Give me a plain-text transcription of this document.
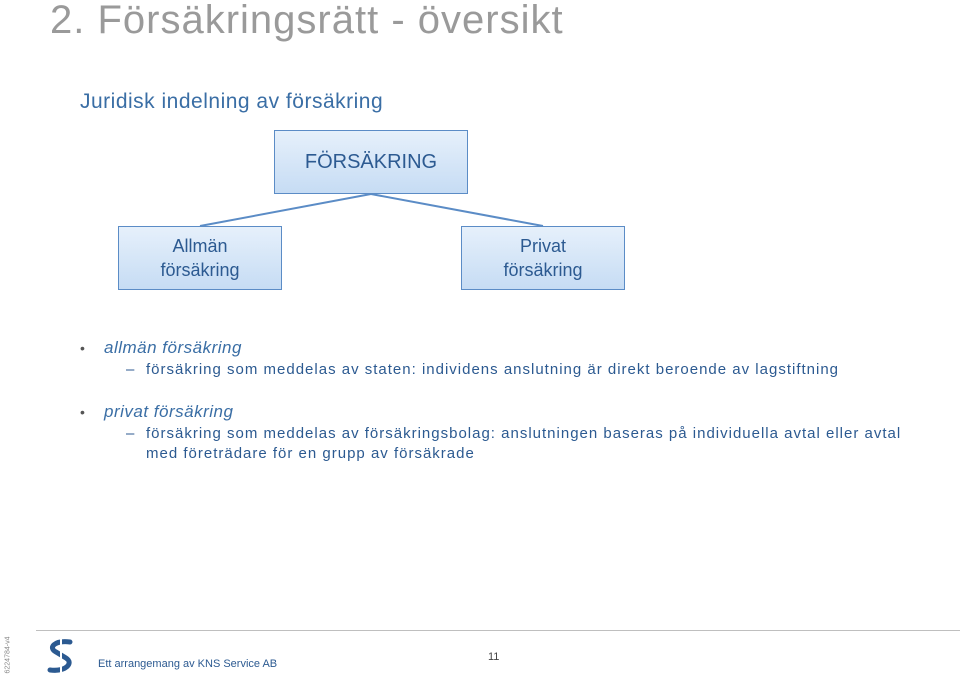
2. Försäkringsrätt - översikt
Juridisk indelning av försäkring
FÖRSÄKRING
Allmän
försäkring
Privat
försäkring
•	allmän försäkring
– försäkring som meddelas av staten: individens anslutning är direkt beroende av lagstiftning
•	privat försäkring
– försäkring som meddelas av försäkringsbolag: anslutningen baseras på individuella avtal eller avtal med företrädare för en grupp av försäkrade
Ett arrangemang av KNS Service AB
11
6224784-v4
